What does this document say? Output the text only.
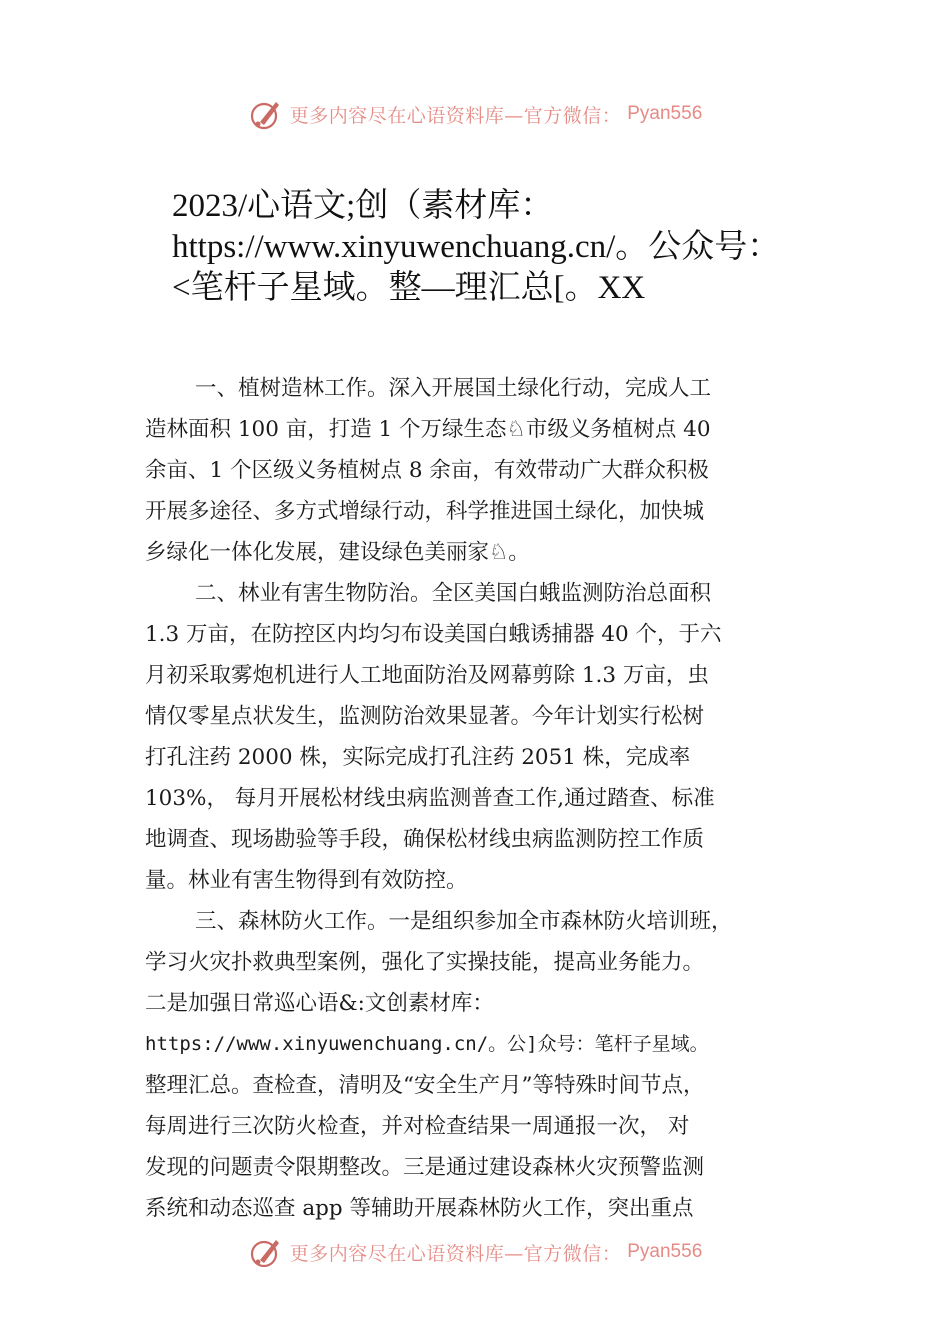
更多内容尽在心语资料库—官方微信： Pyan556
2023/心语文;创（素材库：
https://www.xinyuwenchuang.cn/。公众号：
<笔杆子星域。整—理汇总[。XX
一、植树造林工作。深入开展国土绿化行动，完成人工
造林面积 100 亩，打造 1 个万绿生态♘市级义务植树点 40
余亩、1 个区级义务植树点 8 余亩，有效带动广大群众积极
开展多途径、多方式增绿行动，科学推进国土绿化，加快城
乡绿化一体化发展，建设绿色美丽家♘。
二、林业有害生物防治。全区美国白蛾监测防治总面积
1.3 万亩，在防控区内均匀布设美国白蛾诱捕器 40 个，于六
月初采取雾炮机进行人工地面防治及网幕剪除 1.3 万亩，虫
情仅零星点状发生，监测防治效果显著。今年计划实行松树
打孔注药 2000 株，实际完成打孔注药 2051 株，完成率
103%， 每月开展松材线虫病监测普查工作,通过踏查、标准
地调查、现场勘验等手段，确保松材线虫病监测防控工作质
量。林业有害生物得到有效防控。
三、森林防火工作。一是组织参加全市森林防火培训班，
学习火灾扑救典型案例，强化了实操技能，提高业务能力。
二是加强日常巡心语&:文创素材库：
https://www.xinyuwenchuang.cn/。公]众号：笔杆子星域。
整理汇总。查检查，清明及“安全生产月”等特殊时间节点，
每周进行三次防火检查，并对检查结果一周通报一次， 对
发现的问题责令限期整改。三是通过建设森林火灾预警监测
系统和动态巡查 app 等辅助开展森林防火工作，突出重点
更多内容尽在心语资料库—官方微信： Pyan556
